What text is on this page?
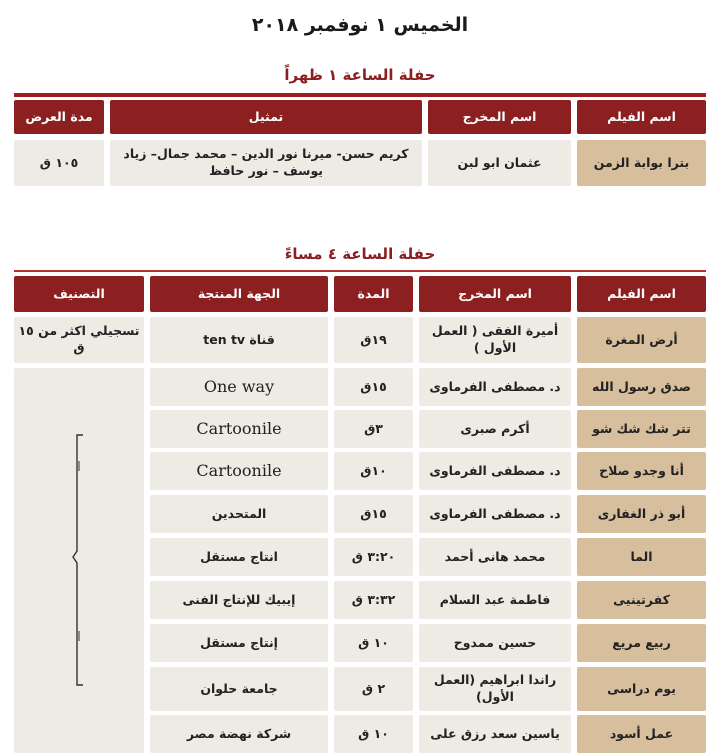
الخميس ١ نوفمبر ٢٠١٨
حفلة الساعة ١ ظهراً
اسم الفيلم
اسم المخرج
تمثيل
مدة العرض
بترا بوابة الزمن
عثمان ابو لبن
كريم حسن- ميرنا نور الدين – محمد جمال– زياد يوسف – نور حافظ
١٠٥ ق
حفلة الساعة ٤ مساءً
اسم الفيلم
اسم المخرج
المدة
الجهة المنتجة
التصنيف
تسجيلي اكثر من ١٥ ق
أرض المغرة
أميرة الفقى ( العمل الأول )
١٩ق
قناة ten tv
صدق رسول الله
د. مصطفى الفرماوى
١٥ق
One way
تتر شك شك شو
أكرم صبرى
٣ق
Cartoonile
أنا وجدو صلاح
د. مصطفى الفرماوى
١٠ق
Cartoonile
أبو ذر الغفارى
د. مصطفى الفرماوى
١٥ق
المتحدين
الما
محمد هانى أحمد
٣:٢٠ ق
انتاج مستقل
كفرتينيى
فاطمة عبد السلام
٣:٣٢ ق
إيبيك للإنتاج الفنى
ربيع مريع
حسين ممدوح
١٠ ق
إنتاج مستقل
يوم دراسى
راندا ابراهيم (العمل الأول)
٢ ق
جامعة حلوان
عمل أسود
ياسين سعد رزق على
١٠ ق
شركة نهضة مصر
